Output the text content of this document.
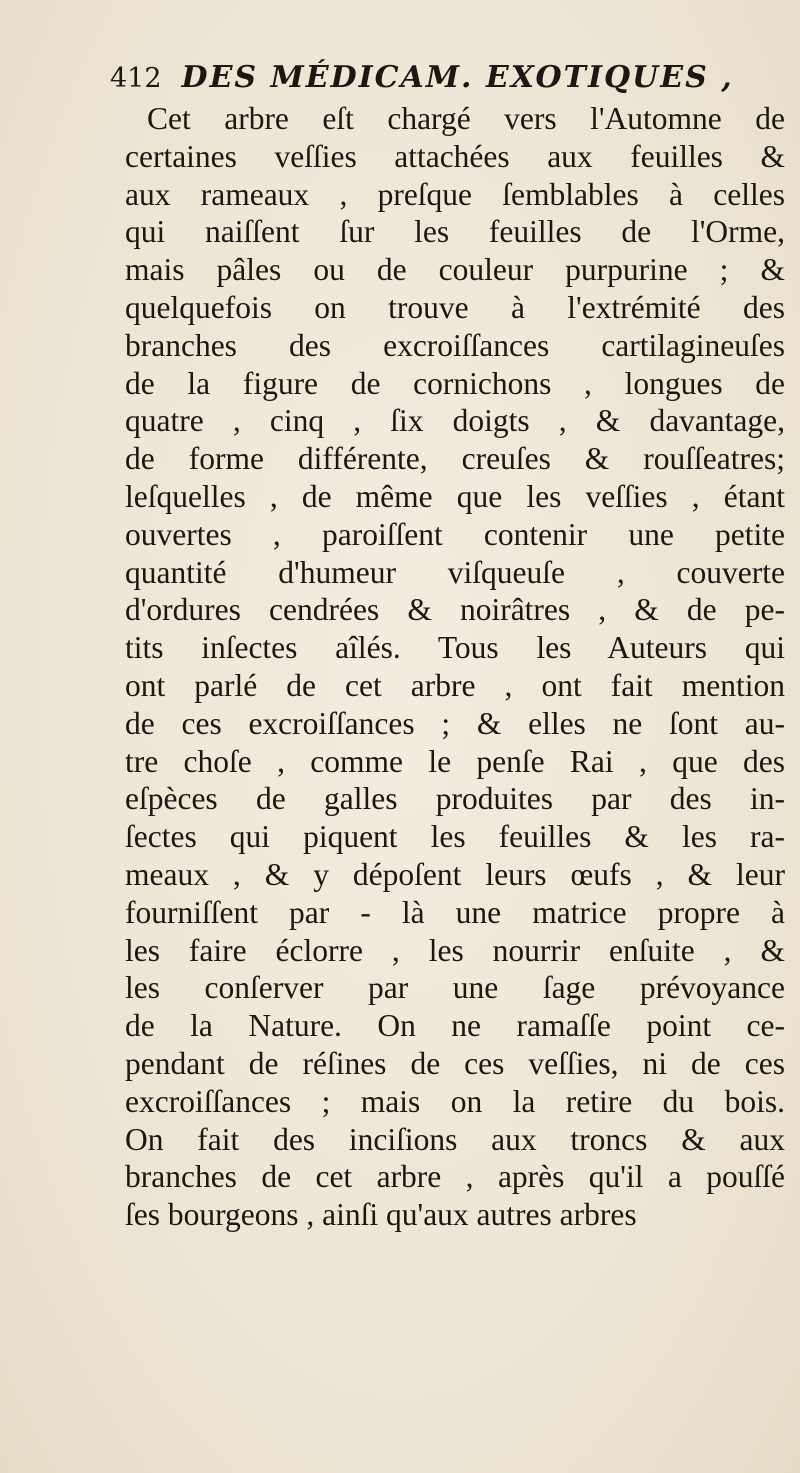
412 DES MÉDICAM. EXOTIQUES ,
Cet arbre eſt chargé vers l'Automne de
certaines veſſies attachées aux feuilles &
aux rameaux , preſque ſemblables à celles
qui naiſſent ſur les feuilles de l'Orme,
mais pâles ou de couleur purpurine ; &
quelquefois on trouve à l'extrémité des
branches des excroiſſances cartilagineuſes
de la figure de cornichons , longues de
quatre , cinq , ſix doigts , & davantage,
de forme différente, creuſes & rouſſeatres;
leſquelles , de même que les veſſies , étant
ouvertes , paroiſſent contenir une petite
quantité d'humeur viſqueuſe , couverte
d'ordures cendrées & noirâtres , & de pe-
tits inſectes aîlés. Tous les Auteurs qui
ont parlé de cet arbre , ont fait mention
de ces excroiſſances ; & elles ne ſont au-
tre choſe , comme le penſe Rai , que des
eſpèces de galles produites par des in-
ſectes qui piquent les feuilles & les ra-
meaux , & y dépoſent leurs œufs , & leur
fourniſſent par - là une matrice propre à
les faire éclorre , les nourrir enſuite , &
les conſerver par une ſage prévoyance
de la Nature. On ne ramaſſe point ce-
pendant de réſines de ces veſſies, ni de ces
excroiſſances ; mais on la retire du bois.
On fait des inciſions aux troncs & aux
branches de cet arbre , après qu'il a pouſſé
ſes bourgeons , ainſi qu'aux autres arbres
